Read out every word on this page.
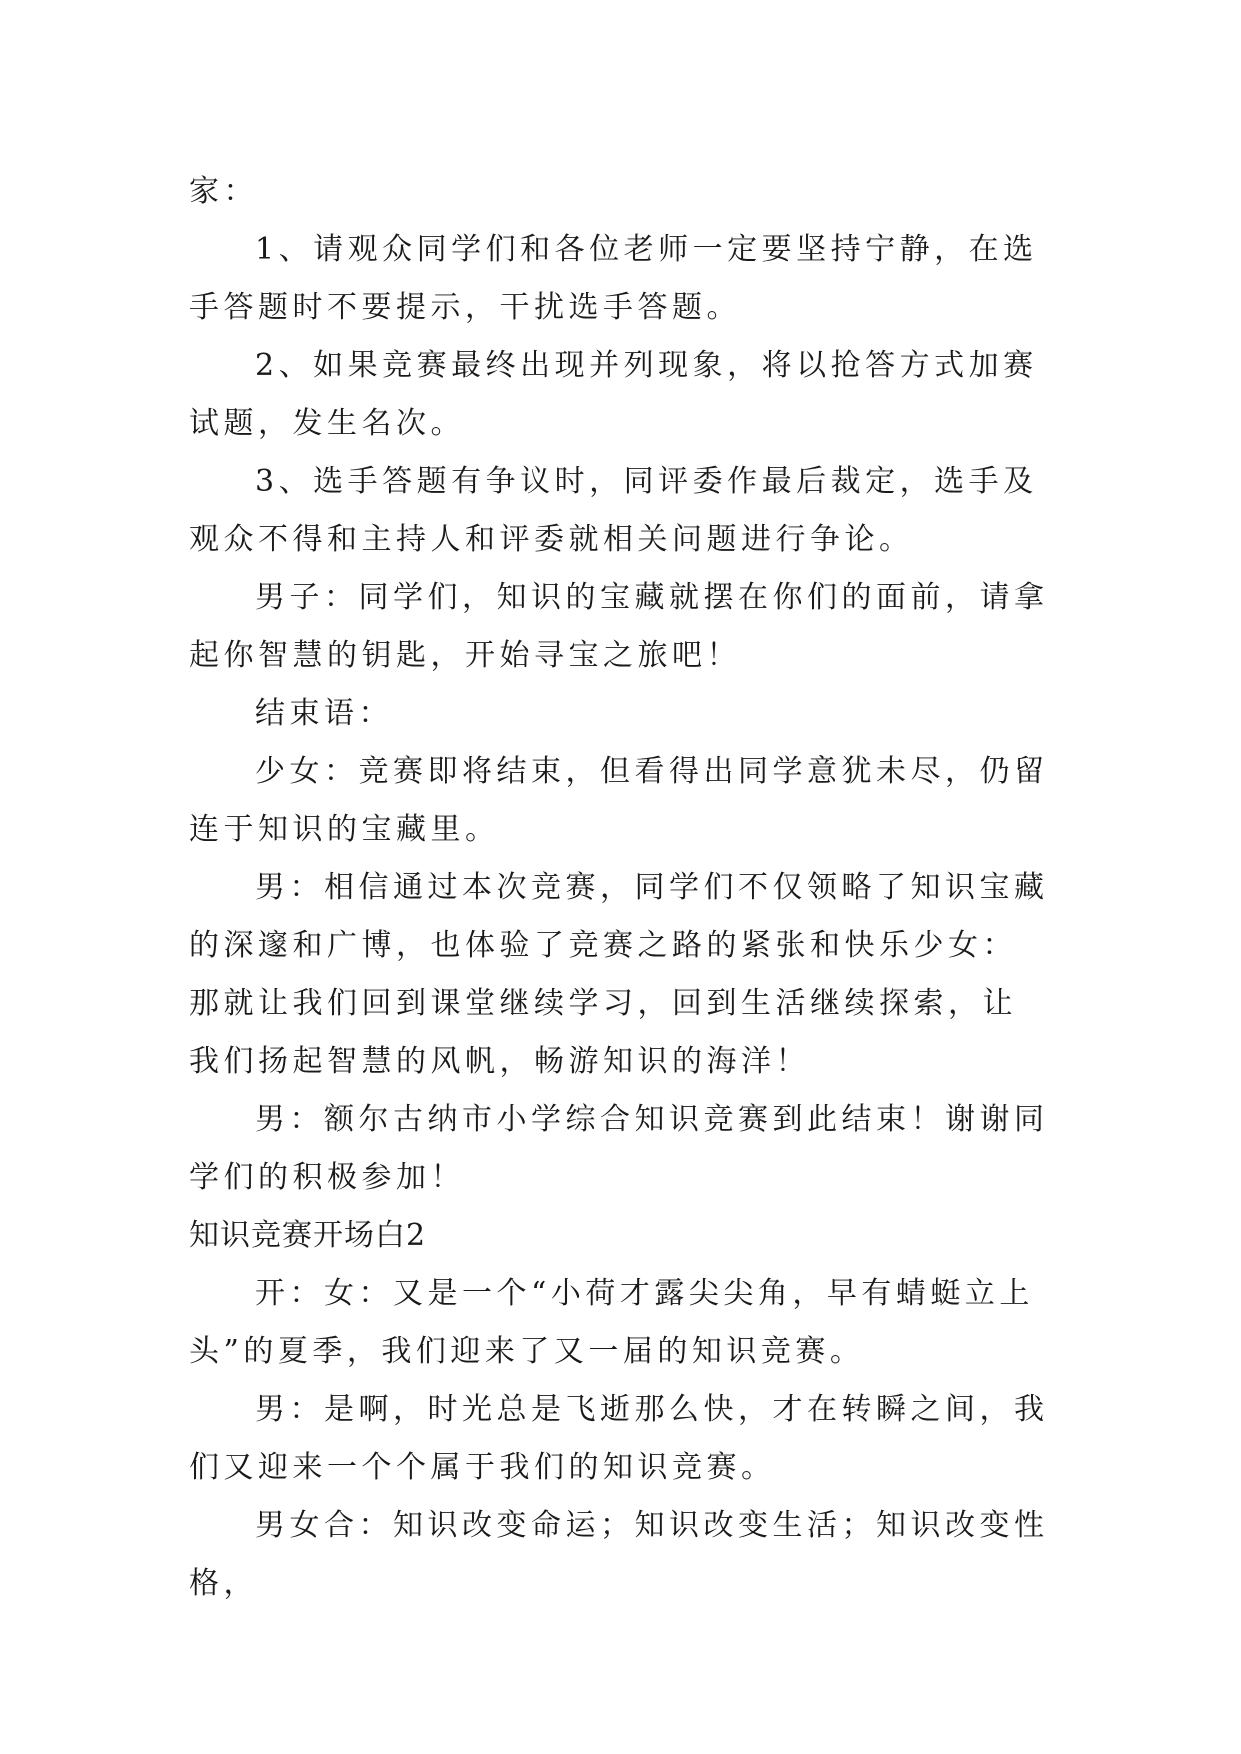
家：

1、请观众同学们和各位老师一定要坚持宁静，在选手答题时不要提示，干扰选手答题。

2、如果竞赛最终出现并列现象，将以抢答方式加赛试题，发生名次。

3、选手答题有争议时，同评委作最后裁定，选手及观众不得和主持人和评委就相关问题进行争论。

男子：同学们，知识的宝藏就摆在你们的面前，请拿起你智慧的钥匙，开始寻宝之旅吧！

结束语：

少女：竞赛即将结束，但看得出同学意犹未尽，仍留连于知识的宝藏里。

男：相信通过本次竞赛，同学们不仅领略了知识宝藏的深邃和广博，也体验了竞赛之路的紧张和快乐少女：那就让我们回到课堂继续学习，回到生活继续探索，让我们扬起智慧的风帆，畅游知识的海洋！

男：额尔古纳市小学综合知识竞赛到此结束！谢谢同学们的积极参加！

知识竞赛开场白2

开：女：又是一个“小荷才露尖尖角，早有蜻蜓立上头”的夏季，我们迎来了又一届的知识竞赛。

男：是啊，时光总是飞逝那么快，才在转瞬之间，我们又迎来一个个属于我们的知识竞赛。

男女合：知识改变命运；知识改变生活；知识改变性格，
